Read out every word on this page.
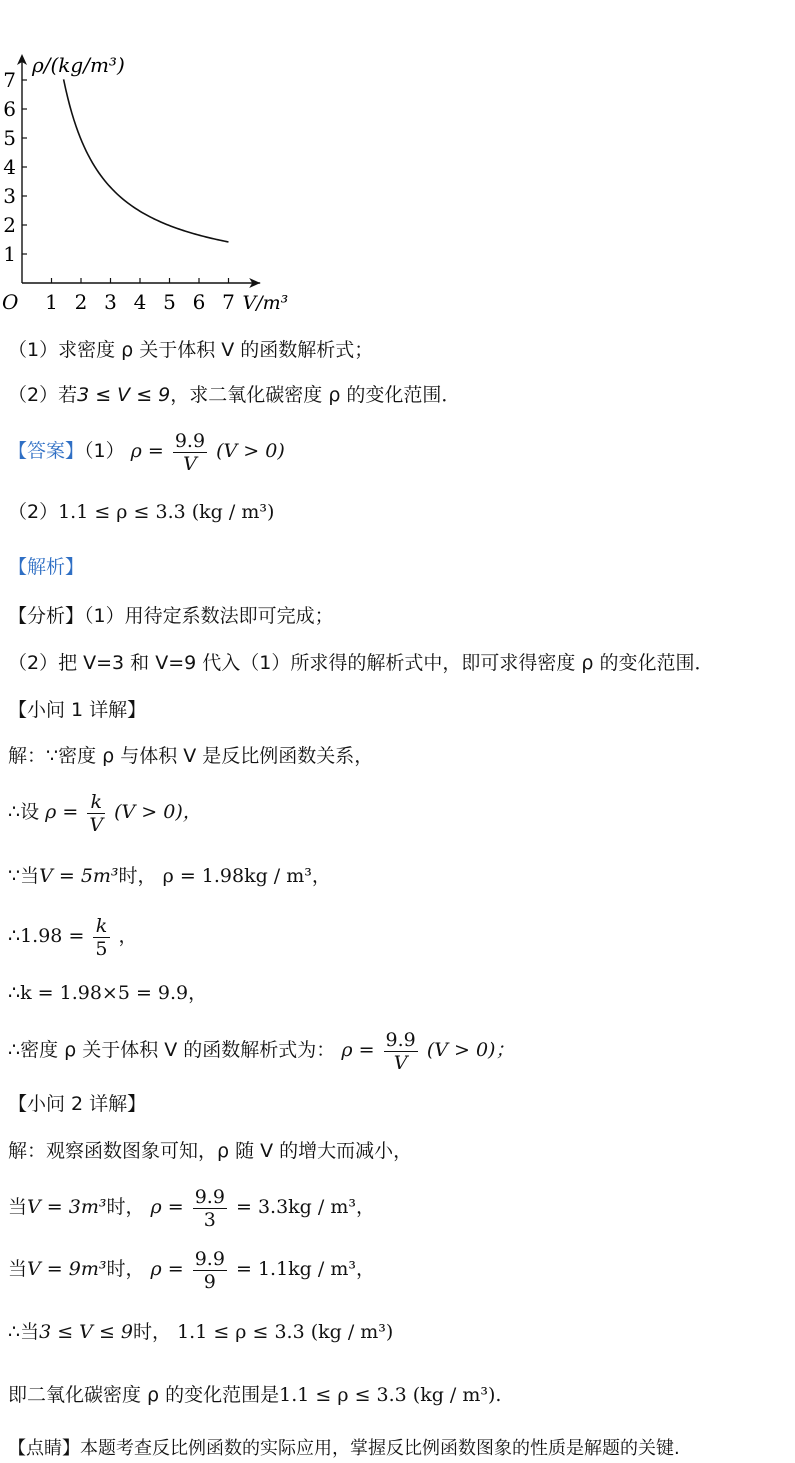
1 2 3 4 5 6 7
1
2
3
4
5
6
7
ρ/(kg/m³)
V/m³
O
（1）求密度 ρ 关于体积 V 的函数解析式；
（2）若3 ≤ V ≤ 9，求二氧化碳密度 ρ 的变化范围．
【答案】（1） $\rho = \frac{9.9}{V} (V > 0)$
（2）1.1 ≤ ρ ≤ 3.3 (kg / m³)
【解析】
【分析】（1）用待定系数法即可完成；
（2）把 V=3 和 V=9 代入（1）所求得的解析式中，即可求得密度 ρ 的变化范围．
【小问 1 详解】
解：∵密度 ρ 与体积 V 是反比例函数关系，
∴设 $\rho = \frac{k}{V} (V > 0)$，
∵当V = 5m³时， ρ = 1.98kg / m³，
∴1.98 = $\frac{k}{5}$ ，
∴k = 1.98×5 = 9.9，
∴密度 ρ 关于体积 V 的函数解析式为： $\rho = \frac{9.9}{V} (V > 0)$；
【小问 2 详解】
解：观察函数图象可知，ρ 随 V 的增大而减小，
当V = 3m³时， $\rho = \frac{9.9}{3} = 3.3kg / m^3$，
当V = 9m³时， $\rho = \frac{9.9}{9} = 1.1kg / m^3$，
∴当3 ≤ V ≤ 9时， 1.1 ≤ ρ ≤ 3.3 (kg / m³)
即二氧化碳密度 ρ 的变化范围是1.1 ≤ ρ ≤ 3.3 (kg / m³).
【点睛】本题考查反比例函数的实际应用，掌握反比例函数图象的性质是解题的关键.
